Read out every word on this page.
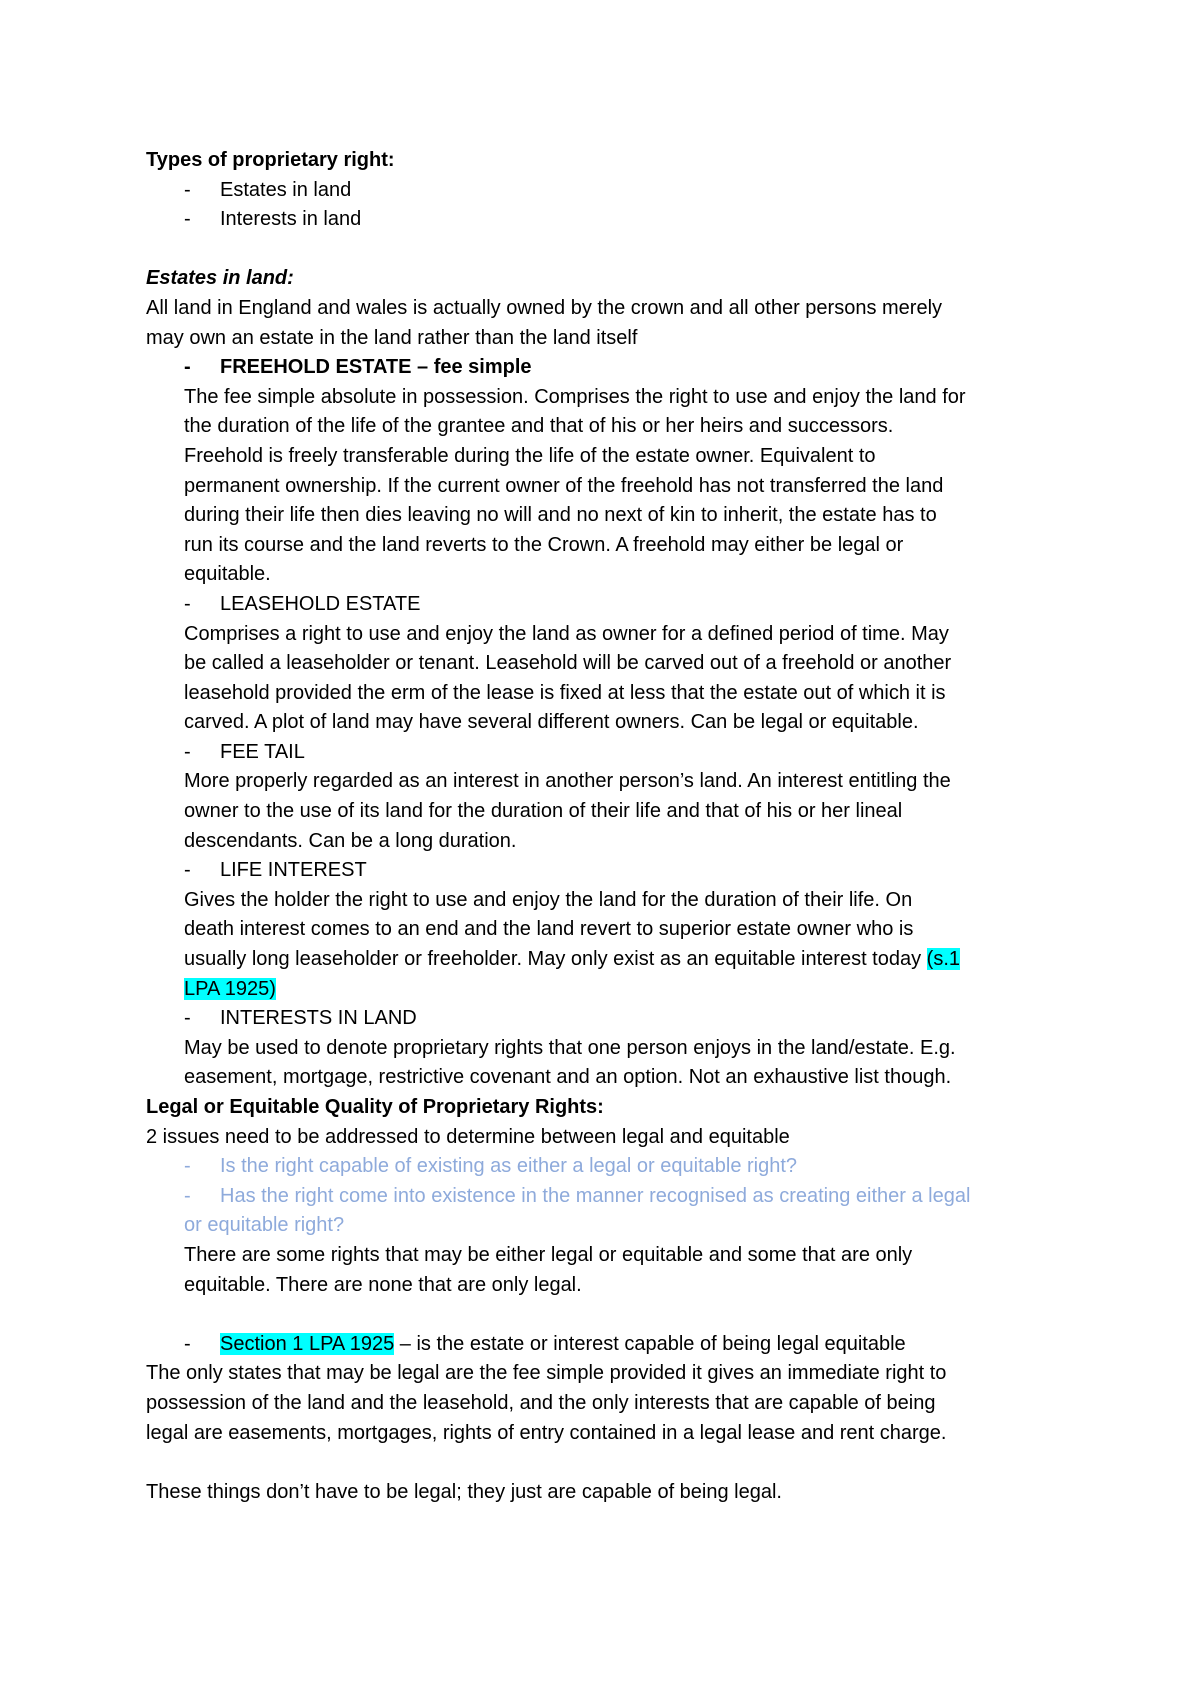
Types of proprietary right:
- Estates in land
- Interests in land
Estates in land:
All land in England and wales is actually owned by the crown and all other persons merely
may own an estate in the land rather than the land itself
- FREEHOLD ESTATE – fee simple
The fee simple absolute in possession. Comprises the right to use and enjoy the land for
the duration of the life of the grantee and that of his or her heirs and successors.
Freehold is freely transferable during the life of the estate owner. Equivalent to
permanent ownership. If the current owner of the freehold has not transferred the land
during their life then dies leaving no will and no next of kin to inherit, the estate has to
run its course and the land reverts to the Crown. A freehold may either be legal or
equitable.
- LEASEHOLD ESTATE
Comprises a right to use and enjoy the land as owner for a defined period of time. May
be called a leaseholder or tenant. Leasehold will be carved out of a freehold or another
leasehold provided the erm of the lease is fixed at less that the estate out of which it is
carved. A plot of land may have several different owners. Can be legal or equitable.
- FEE TAIL
More properly regarded as an interest in another person’s land. An interest entitling the
owner to the use of its land for the duration of their life and that of his or her lineal
descendants. Can be a long duration.
- LIFE INTEREST
Gives the holder the right to use and enjoy the land for the duration of their life. On
death interest comes to an end and the land revert to superior estate owner who is
usually long leaseholder or freeholder. May only exist as an equitable interest today (s.1
LPA 1925)
- INTERESTS IN LAND
May be used to denote proprietary rights that one person enjoys in the land/estate. E.g.
easement, mortgage, restrictive covenant and an option. Not an exhaustive list though.
Legal or Equitable Quality of Proprietary Rights:
2 issues need to be addressed to determine between legal and equitable
- Is the right capable of existing as either a legal or equitable right?
- Has the right come into existence in the manner recognised as creating either a legal
or equitable right?
There are some rights that may be either legal or equitable and some that are only
equitable. There are none that are only legal.
- Section 1 LPA 1925 – is the estate or interest capable of being legal equitable
The only states that may be legal are the fee simple provided it gives an immediate right to
possession of the land and the leasehold, and the only interests that are capable of being
legal are easements, mortgages, rights of entry contained in a legal lease and rent charge.
These things don’t have to be legal; they just are capable of being legal.
